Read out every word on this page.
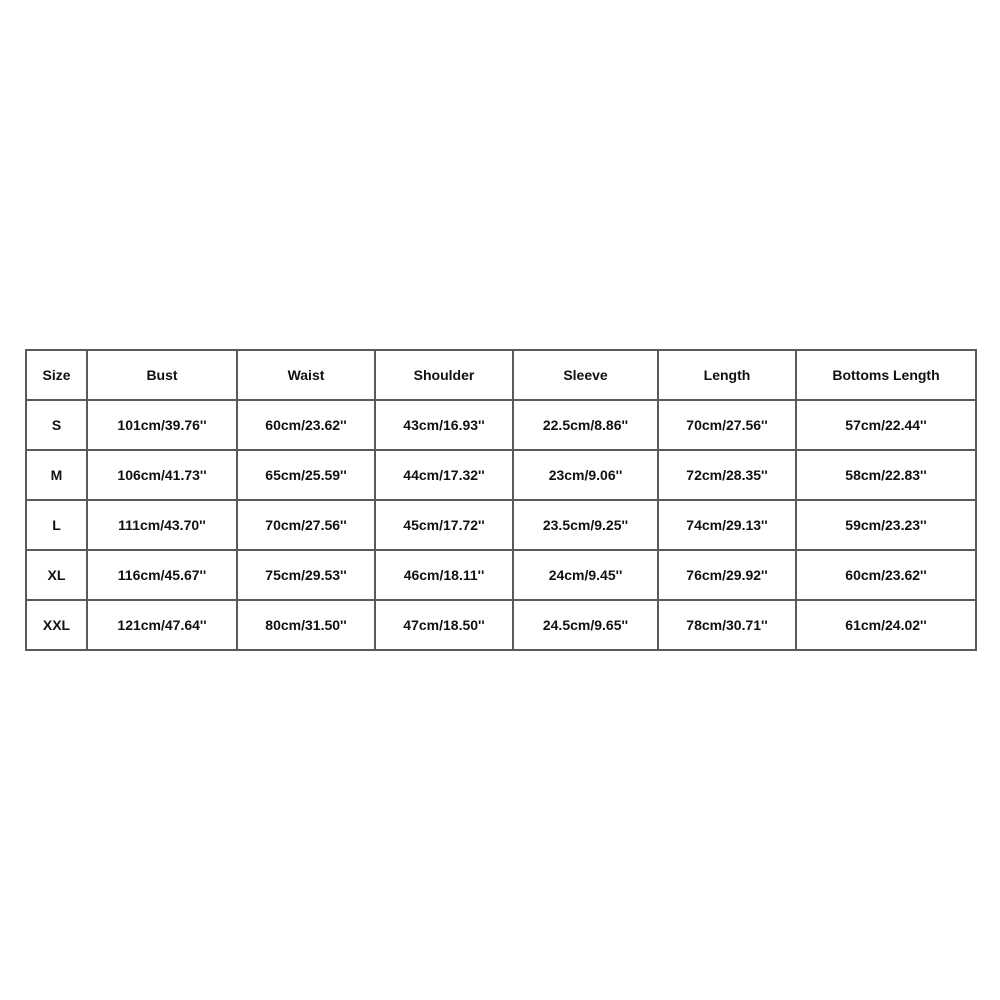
Size	Bust	Waist	Shoulder	Sleeve	Length	Bottoms Length
S	101cm/39.76''	60cm/23.62''	43cm/16.93''	22.5cm/8.86''	70cm/27.56''	57cm/22.44''
M	106cm/41.73''	65cm/25.59''	44cm/17.32''	23cm/9.06''	72cm/28.35''	58cm/22.83''
L	111cm/43.70''	70cm/27.56''	45cm/17.72''	23.5cm/9.25''	74cm/29.13''	59cm/23.23''
XL	116cm/45.67''	75cm/29.53''	46cm/18.11''	24cm/9.45''	76cm/29.92''	60cm/23.62''
XXL	121cm/47.64''	80cm/31.50''	47cm/18.50''	24.5cm/9.65''	78cm/30.71''	61cm/24.02''
